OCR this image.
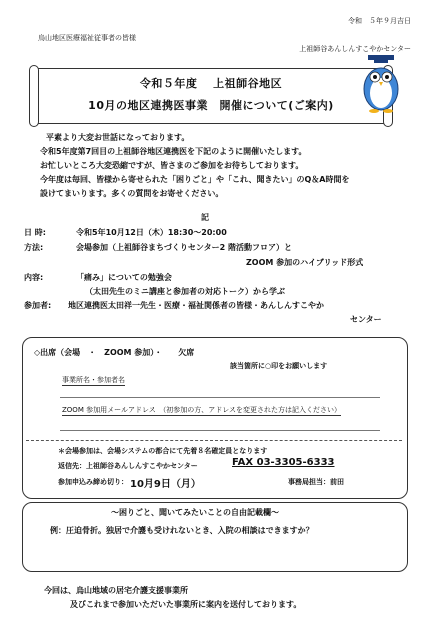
令和　５年９月吉日
烏山地区医療福祉従事者の皆様
上祖師谷あんしんすこやかセンター
令和５年度　 上祖師谷地区
10月の地区連携医事業　開催について(ご案内)
平素より大変お世話になっております。
令和5年度第7回目の上祖師谷地区連携医を下記のように開催いたします。
お忙しいところ大変恐縮ですが、皆さまのご参加をお待ちしております。
今年度は毎回、皆様から寄せられた「困りごと」や「これ、聞きたい」のQ＆A時間を
設けてまいります。多くの質問をお寄せください。
記
日 時:	令和5年10月12日（木）18:30～20:00
方法:	会場参加（上祖師谷まちづくりセンター2 階活動フロア）と
ZOOM 参加のハイブリッド形式
内容:	「痛み」についての勉強会
（太田先生のミニ講座と参加者の対応トーク）から学ぶ
参加者: 地区連携医太田祥一先生・医療・福祉関係者の皆様・あんしんすこやか
センター
◇出席（会場　・　ZOOM 参加）・　　欠席
該当箇所に○印をお願いします
事業所名・参加者名
ZOOM 参加用メールアドレス　（初参加の方、アドレスを変更された方は記入ください）
＊会場参加は、会場システムの都合にて先着８名確定員となります
返信先：上祖師谷あんしんすこやかセンター	FAX 03-3305-6333
参加申込み締め切り： 10月9日（月）	事務局担当：前田
〜困りごと、聞いてみたいことの自由記載欄〜
例：圧迫骨折。独居で介護も受けれないとき、入院の相談はできますか？
今回は、烏山地域の居宅介護支援事業所
及びこれまで参加いただいた事業所に案内を送付しております。
